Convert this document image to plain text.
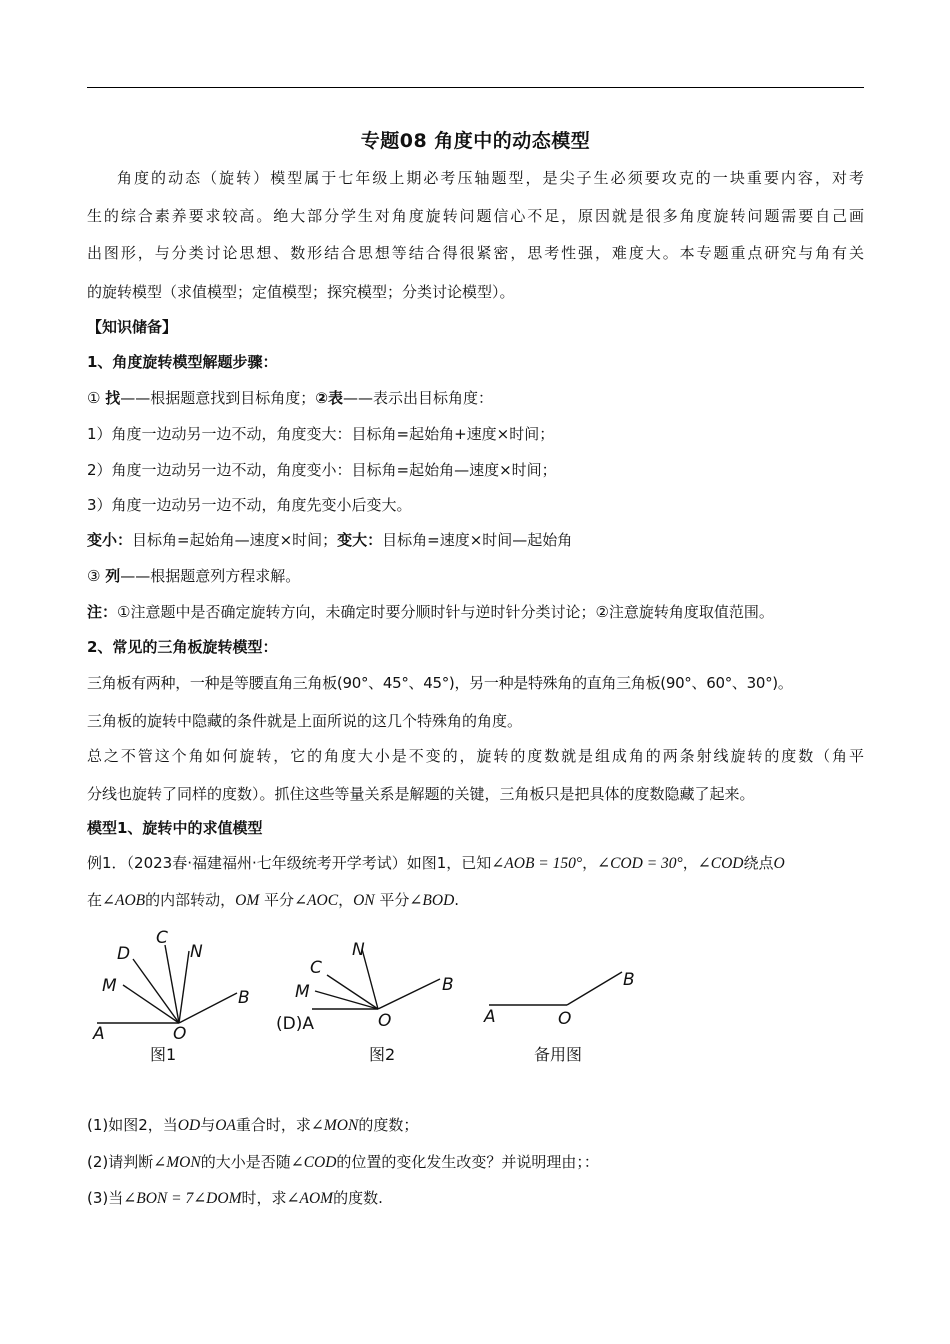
专题08 角度中的动态模型
角度的动态（旋转）模型属于七年级上期必考压轴题型，是尖子生必须要攻克的一块重要内容，对考
生的综合素养要求较高。绝大部分学生对角度旋转问题信心不足，原因就是很多角度旋转问题需要自己画
出图形，与分类讨论思想、数形结合思想等结合得很紧密，思考性强，难度大。本专题重点研究与角有关
的旋转模型（求值模型；定值模型；探究模型；分类讨论模型）。
【知识储备】
1、角度旋转模型解题步骤：
① 找——根据题意找到目标角度；②表——表示出目标角度：
1）角度一边动另一边不动，角度变大：目标角=起始角+速度×时间；
2）角度一边动另一边不动，角度变小：目标角=起始角—速度×时间；
3）角度一边动另一边不动，角度先变小后变大。
变小：目标角=起始角—速度×时间；变大：目标角=速度×时间—起始角
③ 列——根据题意列方程求解。
注：①注意题中是否确定旋转方向，未确定时要分顺时针与逆时针分类讨论；②注意旋转角度取值范围。
2、常见的三角板旋转模型：
三角板有两种，一种是等腰直角三角板(90°、45°、45°)，另一种是特殊角的直角三角板(90°、60°、30°)。
三角板的旋转中隐藏的条件就是上面所说的这几个特殊角的角度。
总之不管这个角如何旋转，它的角度大小是不变的，旋转的度数就是组成角的两条射线旋转的度数（角平
分线也旋转了同样的度数）。抓住这些等量关系是解题的关键，三角板只是把具体的度数隐藏了起来。
模型1、旋转中的求值模型
例1．（2023春·福建福州·七年级统考开学考试）如图1，已知∠AOB = 150°，∠COD = 30°，∠COD绕点O
在∠AOB的内部转动，OM 平分∠AOC，ON 平分∠BOD.
(1)如图2，当OD与OA重合时，求∠MON的度数；
(2)请判断∠MON的大小是否随∠COD的位置的变化发生改变？并说明理由；：
(3)当∠BON = 7∠DOM时，求∠AOM的度数.
D
C
N
M
B
A	O
图1
N
C
M	B
(D)A	O
图2
B
A	O
备用图
